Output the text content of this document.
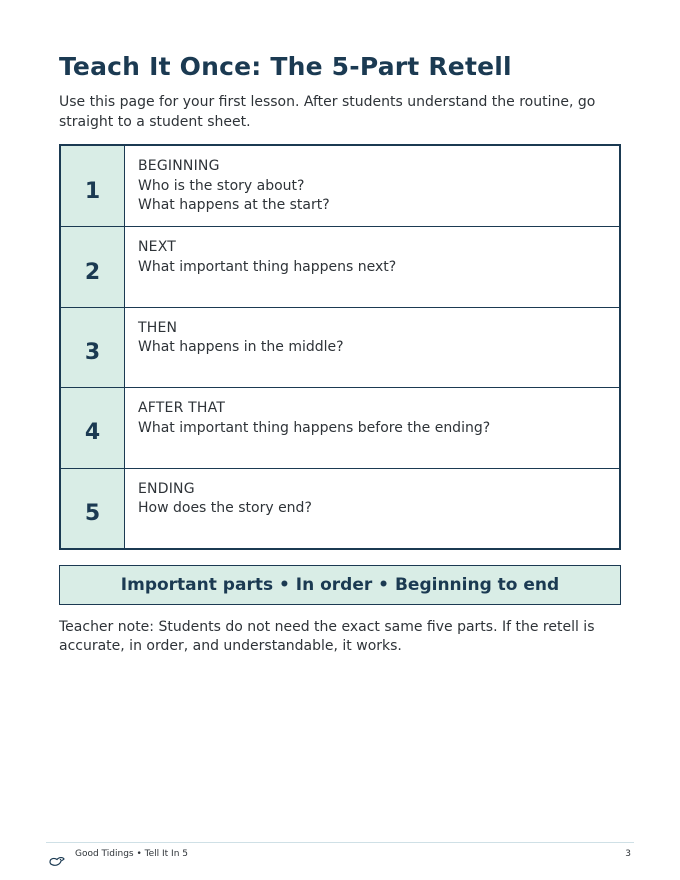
Teach It Once: The 5-Part Retell

Use this page for your first lesson. After students understand the routine, go straight to a student sheet.

1
BEGINNING
Who is the story about?
What happens at the start?
2
NEXT
What important thing happens next?
3
THEN
What happens in the middle?
4
AFTER THAT
What important thing happens before the ending?
5
ENDING
How does the story end?
Important parts • In order • Beginning to end

Teacher note: Students do not need the exact same five parts. If the retell is accurate, in order, and understandable, it works.

Good Tidings • Tell It In 5	3
